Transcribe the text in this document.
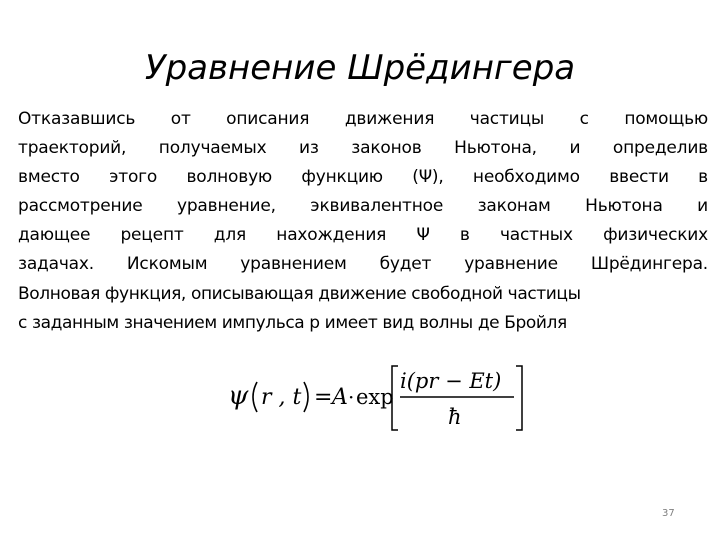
Уравнение Шрёдингера

Отказавшись от описания движения частицы с помощью
траекторий, получаемых из законов Ньютона, и определив
вместо этого волновую функцию (Ψ), необходимо ввести в
рассмотрение уравнение, эквивалентное законам Ньютона и
дающее рецепт для нахождения Ψ в частных физических
задачах. Искомым уравнением будет уравнение Шрёдингера.

Волновая функция, описывающая движение свободной частицы
с заданным значением импульса р имеет вид волны де Бройля

ψ r , t = A · exp
i(pr − Et)
ħ
37
